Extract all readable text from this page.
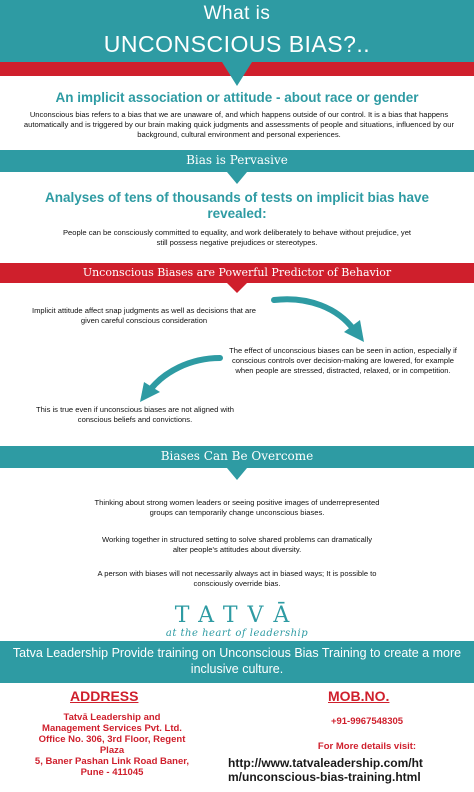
What is
UNCONSCIOUS BIAS?..
An implicit association or attitude - about race or gender
Unconscious bias refers to a bias that we are unaware of, and which happens outside of our control. It is a bias that happens automatically and is triggered by our brain making quick judgments and assessments of people and situations, influenced by our background, cultural environment and personal experiences.
Bias is Pervasive
Analyses of tens of thousands of tests on implicit bias have revealed:
People can be consciously committed to equality, and work deliberately to behave without prejudice, yet still possess negative prejudices or stereotypes.
Unconscious Biases are Powerful Predictor of Behavior
Implicit attitude affect snap judgments as well as decisions that are given careful conscious consideration
The effect of unconscious biases can be seen in action, especially if conscious controls over decision-making are lowered, for example when people are stressed, distracted, relaxed, or in competition.
This is true even if unconscious biases are not aligned with conscious beliefs and convictions.
Biases Can Be Overcome
Thinking about strong women leaders or seeing positive images of underrepresented groups can temporarily change unconscious biases.
Working together in structured setting to solve shared problems can dramatically alter people's attitudes about diversity.
A person with biases will not necessarily always act in biased ways; It is possible to consciously override bias.
TATVĀ
at the heart of leadership
Tatva Leadership Provide training on Unconscious Bias Training to create a more inclusive culture.
ADDRESS
Tatvā Leadership and
Management Services Pvt. Ltd.
Office No. 306, 3rd Floor, Regent
Plaza
5, Baner Pashan Link Road Baner,
Pune - 411045
MOB.NO.
+91-9967548305
For More details visit:
http://www.tatvaleadership.com/ht
m/unconscious-bias-training.html
